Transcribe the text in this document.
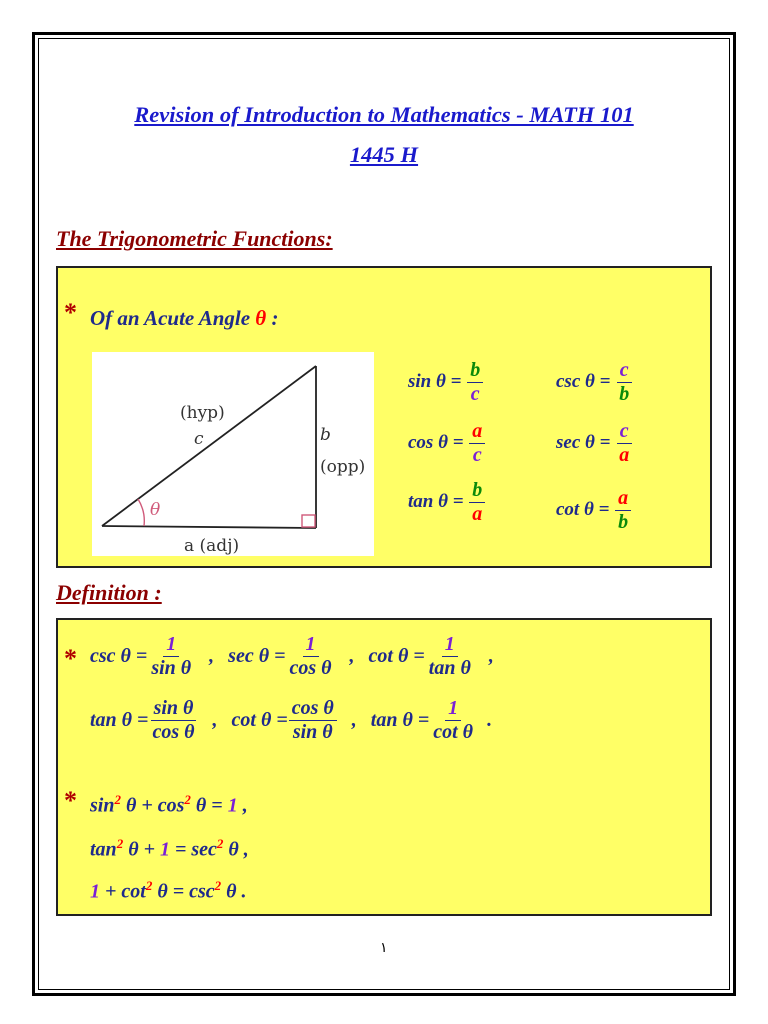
Revision of Introduction to Mathematics - MATH 101
1445 H
The Trigonometric Functions:
* Of an Acute Angle θ :
(hyp)
c	b
(opp)
θ
a (adj)
$\sin \theta = \frac{b}{c}$	$\csc \theta = \frac{c}{b}$
$\cos \theta = \frac{a}{c}$	$\sec \theta = \frac{c}{a}$
$\tan \theta = \frac{b}{a}$	$\cot \theta = \frac{a}{b}$
Definition :
* $\csc \theta = \frac{1}{\text{sin θ}}$ , $\sec \theta = \frac{1}{\text{cos θ}}$ , $\cot \theta = \frac{1}{\text{tan θ}}$ ,
$\tan \theta = \frac{\text{sin θ}}{\text{cos θ}}$ , $\cot \theta = \frac{\text{cos θ}}{\text{sin θ}}$ , $\tan \theta = \frac{1}{\text{cot θ}}$ .
* $\sin^2 \theta + \cos^2 \theta = 1$ ,
$\tan^2 \theta + 1 = \sec^2 \theta$ ,
$1 + \cot^2 \theta = \csc^2 \theta$ .
١
